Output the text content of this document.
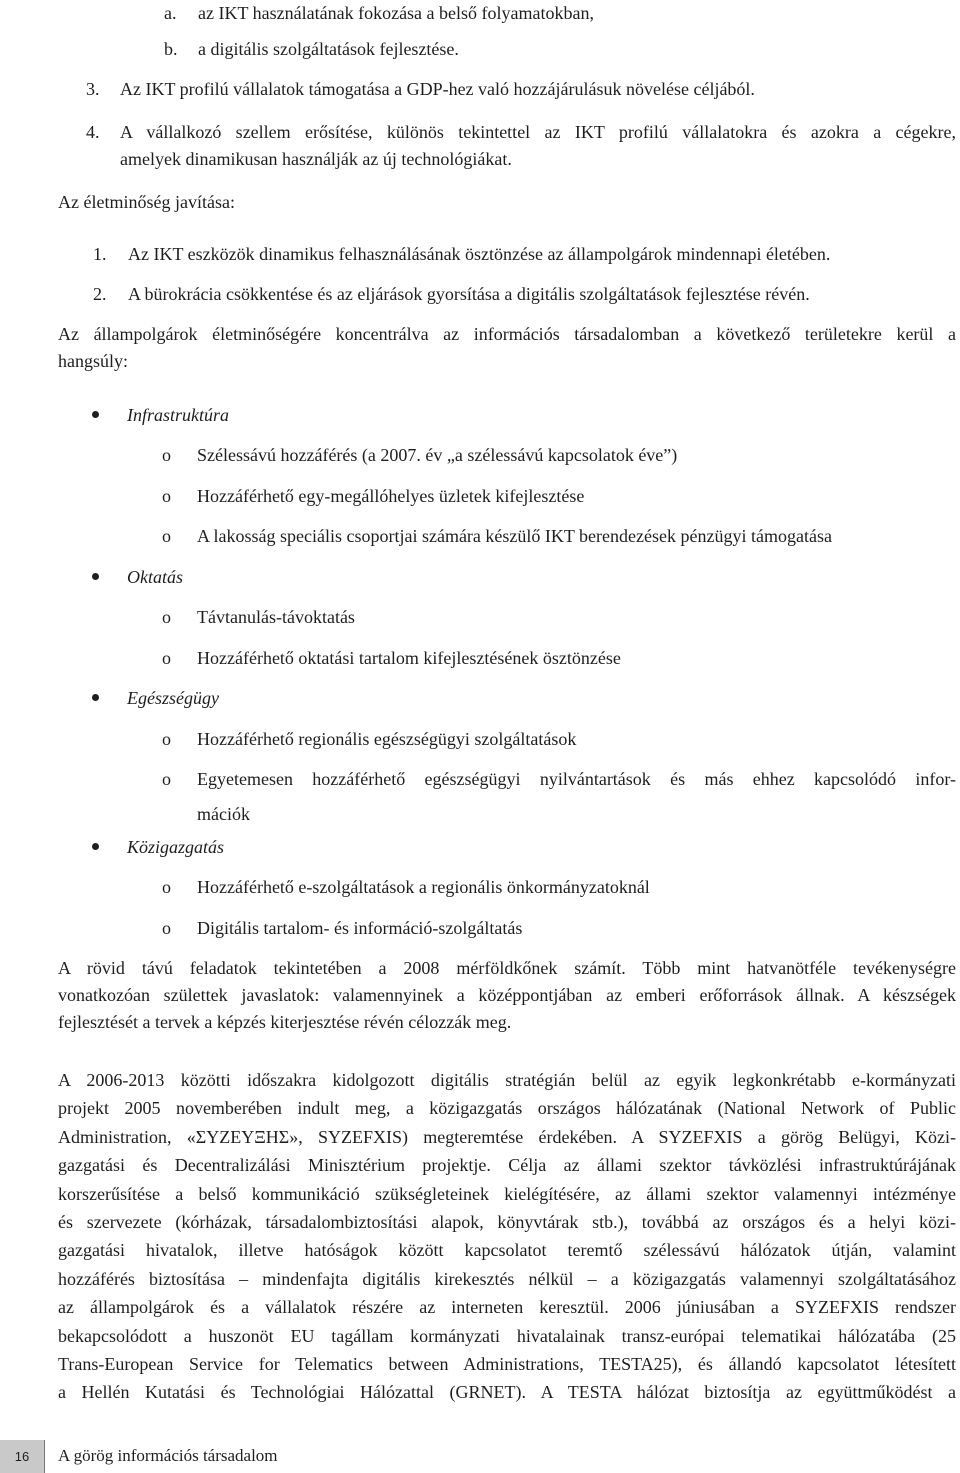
a. az IKT használatának fokozása a belső folyamatokban,
b. a digitális szolgáltatások fejlesztése.
3. Az IKT profilú vállalatok támogatása a GDP-hez való hozzájárulásuk növelése céljából.
4. A vállalkozó szellem erősítése, különös tekintettel az IKT profilú vállalatokra és azokra a cégekre,
amelyek dinamikusan használják az új technológiákat.
Az életminőség javítása:
1. Az IKT eszközök dinamikus felhasználásának ösztönzése az állampolgárok mindennapi életében.
2. A bürokrácia csökkentése és az eljárások gyorsítása a digitális szolgáltatások fejlesztése révén.
Az állampolgárok életminőségére koncentrálva az információs társadalomban a következő területekre kerül a
hangsúly:
Infrastruktúra
o Szélessávú hozzáférés (a 2007. év „a szélessávú kapcsolatok éve”)
o Hozzáférhető egy-megállóhelyes üzletek kifejlesztése
o A lakosság speciális csoportjai számára készülő IKT berendezések pénzügyi támogatása
Oktatás
o Távtanulás-távoktatás
o Hozzáférhető oktatási tartalom kifejlesztésének ösztönzése
Egészségügy
o Hozzáférhető regionális egészségügyi szolgáltatások
o Egyetemesen hozzáférhető egészségügyi nyilvántartások és más ehhez kapcsolódó infor-
mációk
Közigazgatás
o Hozzáférhető e-szolgáltatások a regionális önkormányzatoknál
o Digitális tartalom- és információ-szolgáltatás
A rövid távú feladatok tekintetében a 2008 mérföldkőnek számít. Több mint hatvanötféle tevékenységre
vonatkozóan születtek javaslatok: valamennyinek a középpontjában az emberi erőforrások állnak. A készségek
fejlesztését a tervek a képzés kiterjesztése révén célozzák meg.
A 2006-2013 közötti időszakra kidolgozott digitális stratégián belül az egyik legkonkrétabb e-kormányzati
projekt 2005 novemberében indult meg, a közigazgatás országos hálózatának (National Network of Public
Administration, «ΣΥΖΕΥΞΗΣ», SYZEFXIS) megteremtése érdekében. A SYZEFXIS a görög Belügyi, Közi-
gazgatási és Decentralizálási Minisztérium projektje. Célja az állami szektor távközlési infrastruktúrájának
korszerűsítése a belső kommunikáció szükségleteinek kielégítésére, az állami szektor valamennyi intézménye
és szervezete (kórházak, társadalombiztosítási alapok, könyvtárak stb.), továbbá az országos és a helyi közi-
gazgatási hivatalok, illetve hatóságok között kapcsolatot teremtő szélessávú hálózatok útján, valamint
hozzáférés biztosítása – mindenfajta digitális kirekesztés nélkül – a közigazgatás valamennyi szolgáltatásához
az állampolgárok és a vállalatok részére az interneten keresztül. 2006 júniusában a SYZEFXIS rendszer
bekapcsolódott a huszonöt EU tagállam kormányzati hivatalainak transz-európai telematikai hálózatába (25
Trans-European Service for Telematics between Administrations, TESTA25), és állandó kapcsolatot létesített
a Hellén Kutatási és Technológiai Hálózattal (GRNET). A TESTA hálózat biztosítja az együttműködést a
16	A görög információs társadalom
